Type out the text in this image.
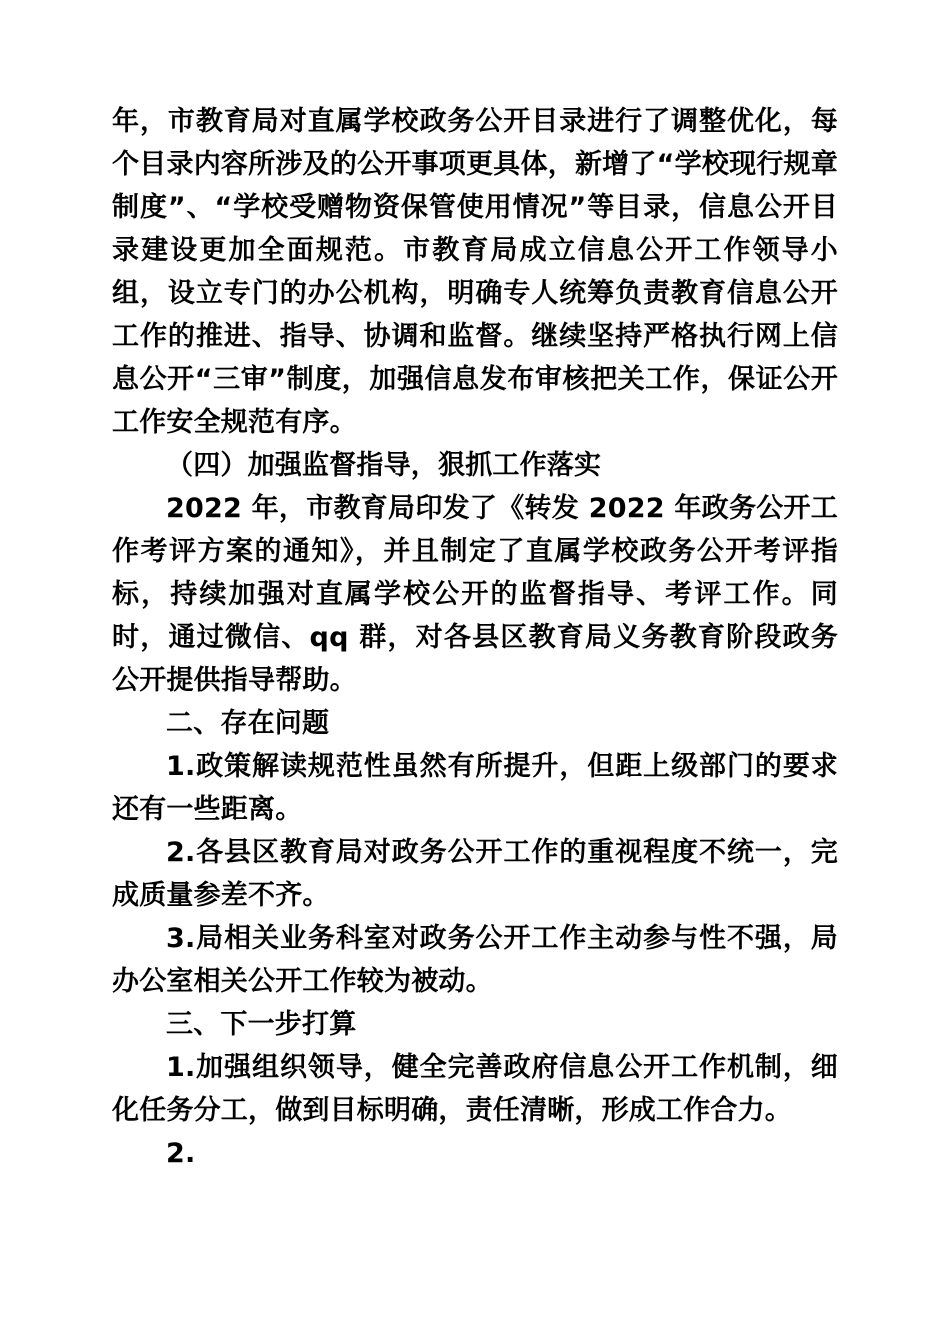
年，市教育局对直属学校政务公开目录进行了调整优化，每个目录内容所涉及的公开事项更具体，新增了“学校现行规章制度”、“学校受赠物资保管使用情况”等目录，信息公开目录建设更加全面规范。市教育局成立信息公开工作领导小组，设立专门的办公机构，明确专人统筹负责教育信息公开工作的推进、指导、协调和监督。继续坚持严格执行网上信息公开“三审”制度，加强信息发布审核把关工作，保证公开工作安全规范有序。

（四）加强监督指导，狠抓工作落实

2022 年，市教育局印发了《转发 2022 年政务公开工作考评方案的通知》，并且制定了直属学校政务公开考评指标，持续加强对直属学校公开的监督指导、考评工作。同时，通过微信、qq 群，对各县区教育局义务教育阶段政务公开提供指导帮助。

二、存在问题

1.政策解读规范性虽然有所提升，但距上级部门的要求还有一些距离。

2.各县区教育局对政务公开工作的重视程度不统一，完成质量参差不齐。

3.局相关业务科室对政务公开工作主动参与性不强，局办公室相关公开工作较为被动。

三、下一步打算

1.加强组织领导，健全完善政府信息公开工作机制，细化任务分工，做到目标明确，责任清晰，形成工作合力。

2.
